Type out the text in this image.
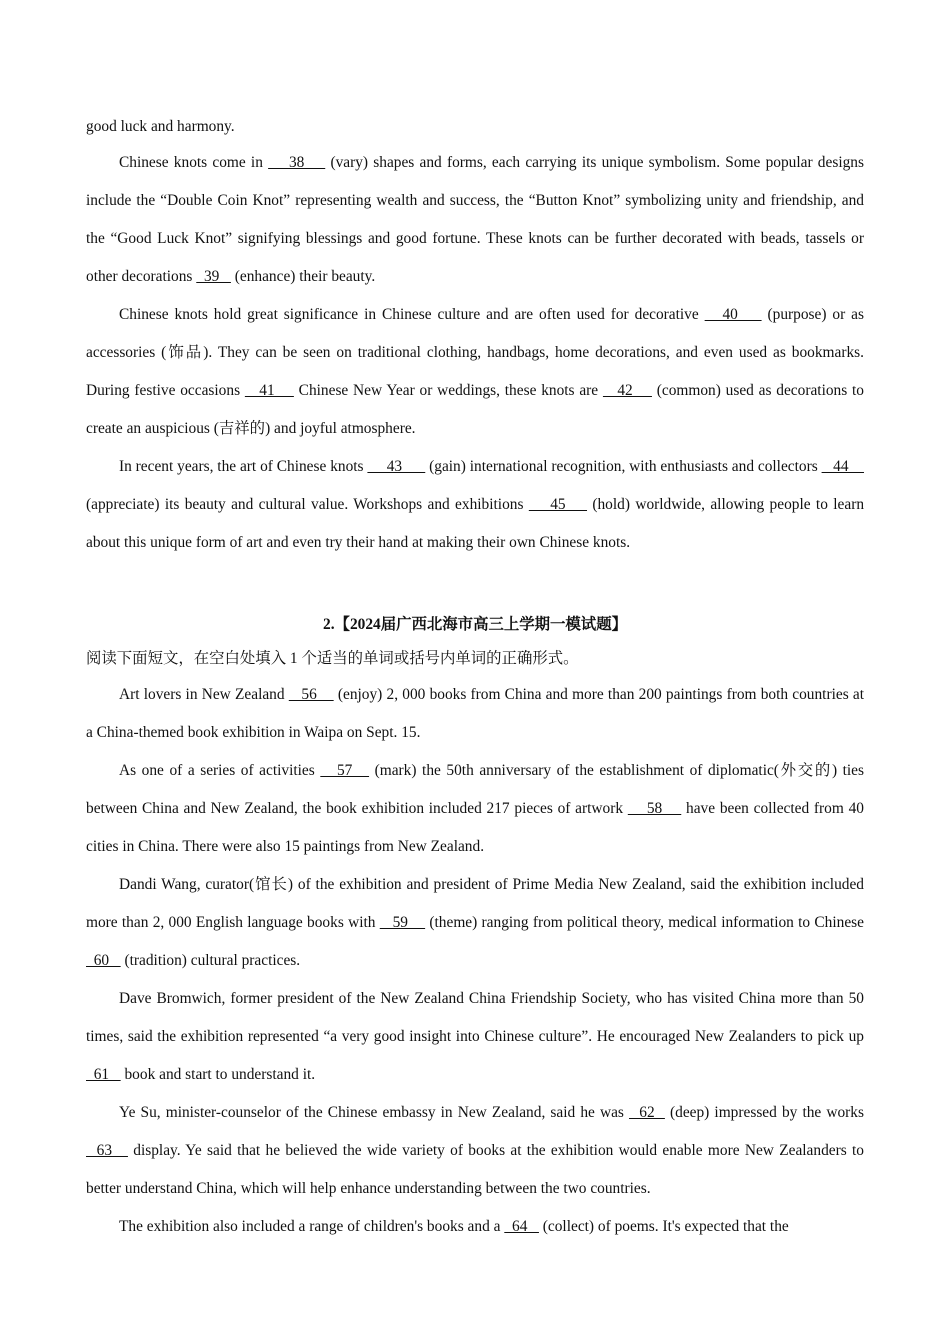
good luck and harmony.

Chinese knots come in     38     (vary) shapes and forms, each carrying its unique symbolism. Some popular designs include the “Double Coin Knot” representing wealth and success, the “Button Knot” symbolizing unity and friendship, and the “Good Luck Knot” signifying blessings and good fortune. These knots can be further decorated with beads, tassels or other decorations   39    (enhance) their beauty.

Chinese knots hold great significance in Chinese culture and are often used for decorative    40     (purpose) or as accessories (饰品). They can be seen on traditional clothing, handbags, home decorations, and even used as bookmarks. During festive occasions    41     Chinese New Year or weddings, these knots are    42     (common) used as decorations to create an auspicious (吉祥的) and joyful atmosphere.

In recent years, the art of Chinese knots      43       (gain) international recognition, with enthusiasts and collectors    44     (appreciate) its beauty and cultural value. Workshops and exhibitions     45     (hold) worldwide, allowing people to learn about this unique form of art and even try their hand at making their own Chinese knots.

2.【2024届广西北海市高三上学期一模试题】

阅读下面短文，在空白处填入 1 个适当的单词或括号内单词的正确形式。

Art lovers in New Zealand    56     (enjoy) 2, 000 books from China and more than 200 paintings from both countries at a China-themed book exhibition in Waipa on Sept. 15.

As one of a series of activities    57    (mark) the 50th anniversary of the establishment of diplomatic(外交的) ties between China and New Zealand, the book exhibition included 217 pieces of artwork     58     have been collected from 40 cities in China. There were also 15 paintings from New Zealand.

Dandi Wang, curator(馆长) of the exhibition and president of Prime Media New Zealand, said the exhibition included more than 2, 000 English language books with    59     (theme) ranging from political theory, medical information to Chinese   60    (tradition) cultural practices.

Dave Bromwich, former president of the New Zealand China Friendship Society, who has visited China more than 50 times, said the exhibition represented “a very good insight into Chinese culture”. He encouraged New Zealanders to pick up   61    book and start to understand it.

Ye Su, minister-counselor of the Chinese embassy in New Zealand, said he was   62   (deep) impressed by the works   63    display. Ye said that he believed the wide variety of books at the exhibition would enable more New Zealanders to better understand China, which will help enhance understanding between the two countries.

The exhibition also included a range of children's books and a   64    (collect) of poems. It's expected that the
